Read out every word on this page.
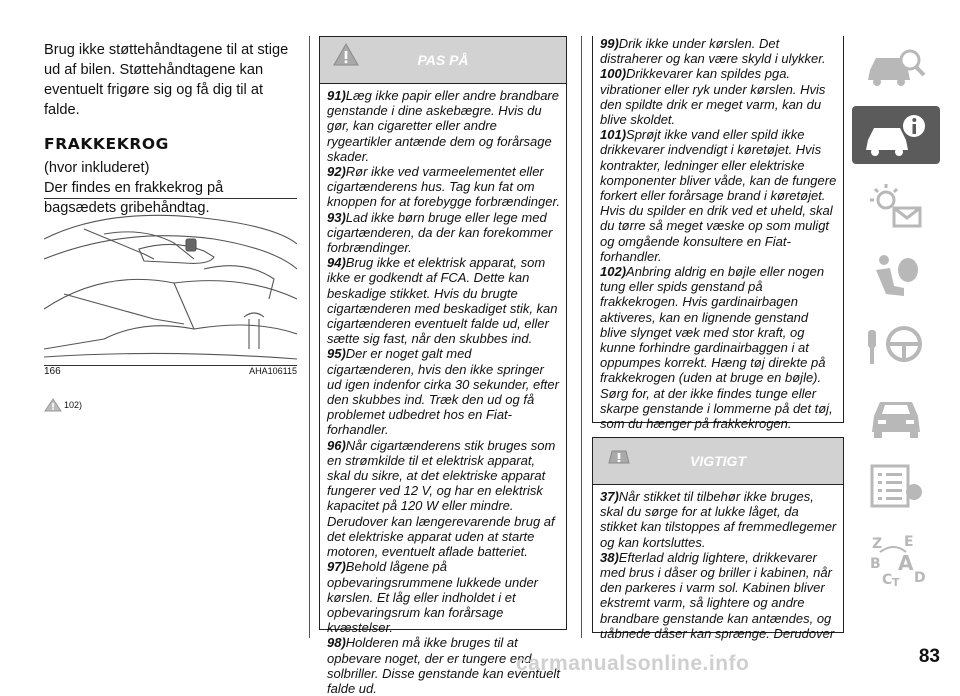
Brug ikke støttehåndtagene til at stige ud af bilen. Støttehåndtagene kan eventuelt frigøre sig og få dig til at falde.

FRAKKEKROG

(hvor inkluderet)

Der findes en frakkekrog på bagsædets gribehåndtag.

166	AHA106115
102)
PAS PÅ

91)Læg ikke papir eller andre brandbare genstande i dine askebægre. Hvis du gør, kan cigaretter eller andre rygeartikler antænde dem og forårsage skader.

92)Rør ikke ved varmeelementet eller cigartænderens hus. Tag kun fat om knoppen for at forebygge forbrændinger.

93)Lad ikke børn bruge eller lege med cigartænderen, da der kan forekommer forbrændinger.

94)Brug ikke et elektrisk apparat, som ikke er godkendt af FCA. Dette kan beskadige stikket. Hvis du brugte cigartænderen med beskadiget stik, kan cigartænderen eventuelt falde ud, eller sætte sig fast, når den skubbes ind.

95)Der er noget galt med cigartænderen, hvis den ikke springer ud igen indenfor cirka 30 sekunder, efter den skubbes ind. Træk den ud og få problemet udbedret hos en Fiat-forhandler.

96)Når cigartænderens stik bruges som en strømkilde til et elektrisk apparat, skal du sikre, at det elektriske apparat fungerer ved 12 V, og har en elektrisk kapacitet på 120 W eller mindre. Derudover kan længerevarende brug af det elektriske apparat uden at starte motoren, eventuelt aflade batteriet.

97)Behold lågene på opbevaringsrummene lukkede under kørslen. Et låg eller indholdet i et opbevaringsrum kan forårsage kvæstelser.

98)Holderen må ikke bruges til at opbevare noget, der er tungere end solbriller. Disse genstande kan eventuelt falde ud.

99)Drik ikke under kørslen. Det distraherer og kan være skyld i ulykker.

100)Drikkevarer kan spildes pga. vibrationer eller ryk under kørslen. Hvis den spildte drik er meget varm, kan du blive skoldet.

101)Sprøjt ikke vand eller spild ikke drikkevarer indvendigt i køretøjet. Hvis kontrakter, ledninger eller elektriske komponenter bliver våde, kan de fungere forkert eller forårsage brand i køretøjet. Hvis du spilder en drik ved et uheld, skal du tørre så meget væske op som muligt og omgående konsultere en Fiat-forhandler.

102)Anbring aldrig en bøjle eller nogen tung eller spids genstand på frakkekrogen. Hvis gardinairbagen aktiveres, kan en lignende genstand blive slynget væk med stor kraft, og kunne forhindre gardinairbaggen i at oppumpes korrekt. Hæng tøj direkte på frakkekrogen (uden at bruge en bøjle). Sørg for, at der ikke findes tunge eller skarpe genstande i lommerne på det tøj, som du hænger på frakkekrogen.

VIGTIGT

37)Når stikket til tilbehør ikke bruges, skal du sørge for at lukke låget, da stikket kan tilstoppes af fremmedlegemer og kan kortsluttes.

38)Efterlad aldrig lightere, drikkevarer med brus i dåser og briller i kabinen, når den parkeres i varm sol. Kabinen bliver ekstremt varm, så lightere og andre brandbare genstande kan antændes, og uåbnede dåser kan sprænge. Derudover

Z E
B A
C D
T
carmanualsonline.info	83
